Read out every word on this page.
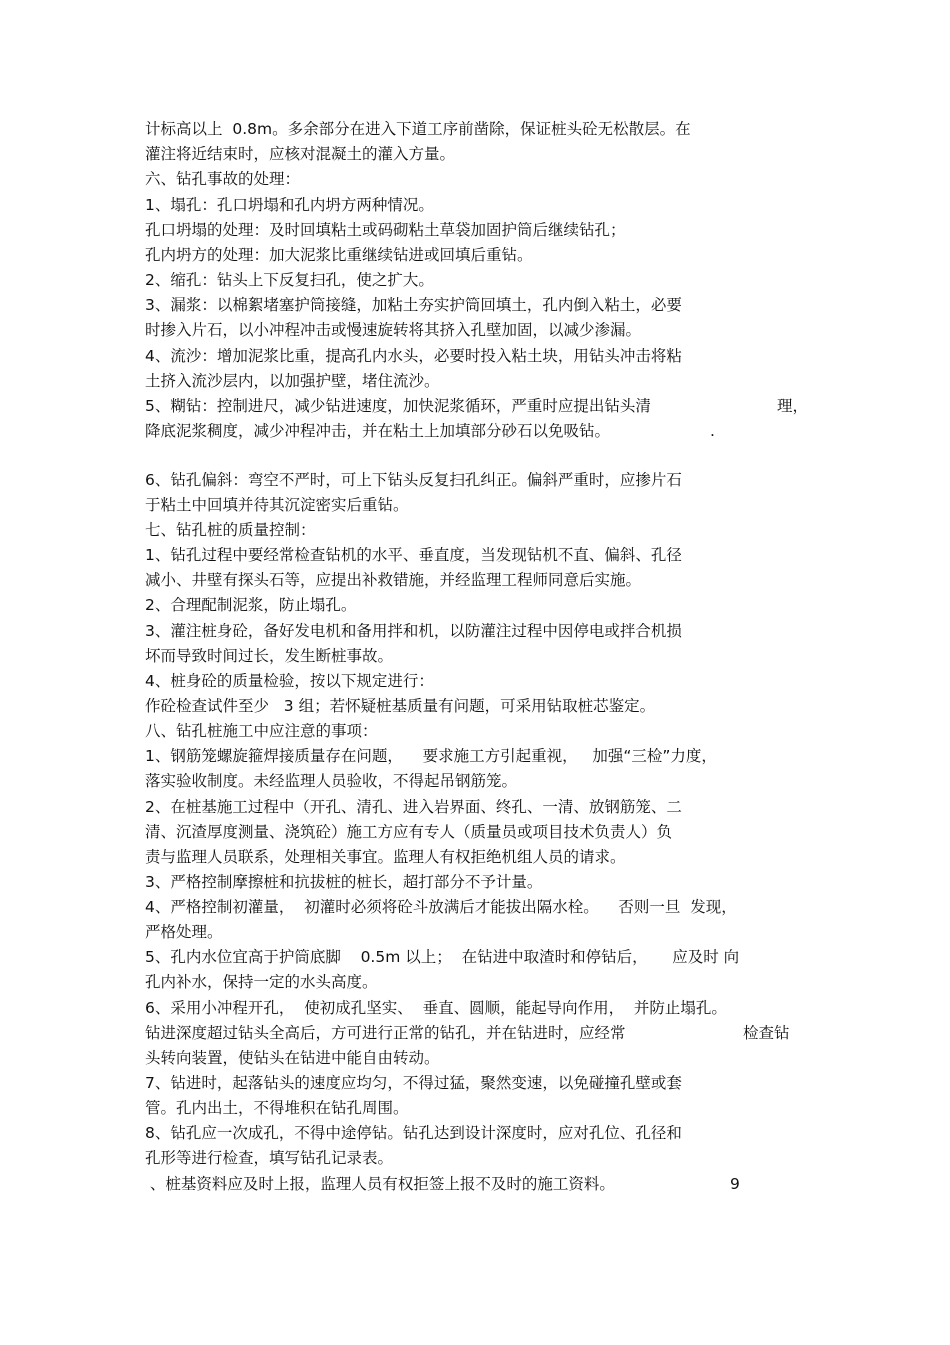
计标高以上  0.8m。多余部分在进入下道工序前凿除，保证桩头砼无松散层。在
灌注将近结束时，应核对混凝土的灌入方量。
六、钻孔事故的处理：
1、塌孔：孔口坍塌和孔内坍方两种情况。
孔口坍塌的处理：及时回填粘土或码砌粘土草袋加固护筒后继续钻孔；
孔内坍方的处理：加大泥浆比重继续钻进或回填后重钻。
2、缩孔：钻头上下反复扫孔，使之扩大。
3、漏浆：以棉絮堵塞护筒接缝，加粘土夯实护筒回填土，孔内倒入粘土，必要
时掺入片石，以小冲程冲击或慢速旋转将其挤入孔壁加固，以减少渗漏。
4、流沙：增加泥浆比重，提高孔内水头，必要时投入粘土块，用钻头冲击将粘
土挤入流沙层内，以加强护壁，堵住流沙。
5、糊钻：控制进尺，减少钻进速度，加快泥浆循环，严重时应提出钻头清	理，
降底泥浆稠度，减少冲程冲击，并在粘土上加填部分砂石以免吸钻。	.
6、钻孔偏斜：弯空不严时，可上下钻头反复扫孔纠正。偏斜严重时，应掺片石
于粘土中回填并待其沉淀密实后重钻。
七、钻孔桩的质量控制：
1、钻孔过程中要经常检查钻机的水平、垂直度，当发现钻机不直、偏斜、孔径
减小、井壁有探头石等，应提出补救错施，并经监理工程师同意后实施。
2、合理配制泥浆，防止塌孔。
3、灌注桩身砼，备好发电机和备用拌和机，以防灌注过程中因停电或拌合机损
坏而导致时间过长，发生断桩事故。
4、桩身砼的质量检验，按以下规定进行：
作砼检查试件至少   3 组；若怀疑桩基质量有问题，可采用钻取桩芯鉴定。
八、钻孔桩施工中应注意的事项：
1、钢筋笼螺旋箍焊接质量存在问题，    要求施工方引起重视，   加强“三检”力度，
落实验收制度。未经监理人员验收，不得起吊钢筋笼。
2、在桩基施工过程中（开孔、清孔、进入岩界面、终孔、一清、放钢筋笼、二
清、沉渣厚度测量、浇筑砼）施工方应有专人（质量员或项目技术负责人）负
责与监理人员联系，处理相关事宜。监理人有权拒绝机组人员的请求。
3、严格控制摩擦桩和抗拔桩的桩长，超打部分不予计量。
4、严格控制初灌量，  初灌时必须将砼斗放满后才能拔出隔水栓。    否则一旦  发现，
严格处理。
5、孔内水位宜高于护筒底脚    0.5m 以上；  在钻进中取渣时和停钻后，     应及时 向
孔内补水，保持一定的水头高度。
6、采用小冲程开孔，  使初成孔坚实、  垂直、圆顺，能起导向作用，  并防止塌孔。
钻进深度超过钻头全高后，方可进行正常的钻孔，并在钻进时，应经常	检查钻
头转向装置，使钻头在钻进中能自由转动。
7、钻进时，起落钻头的速度应均匀，不得过猛，聚然变速，以免碰撞孔壁或套
管。孔内出土，不得堆积在钻孔周围。
8、钻孔应一次成孔，不得中途停钻。钻孔达到设计深度时，应对孔位、孔径和
孔形等进行检查，填写钻孔记录表。
、桩基资料应及时上报，监理人员有权拒签上报不及时的施工资料。	9
